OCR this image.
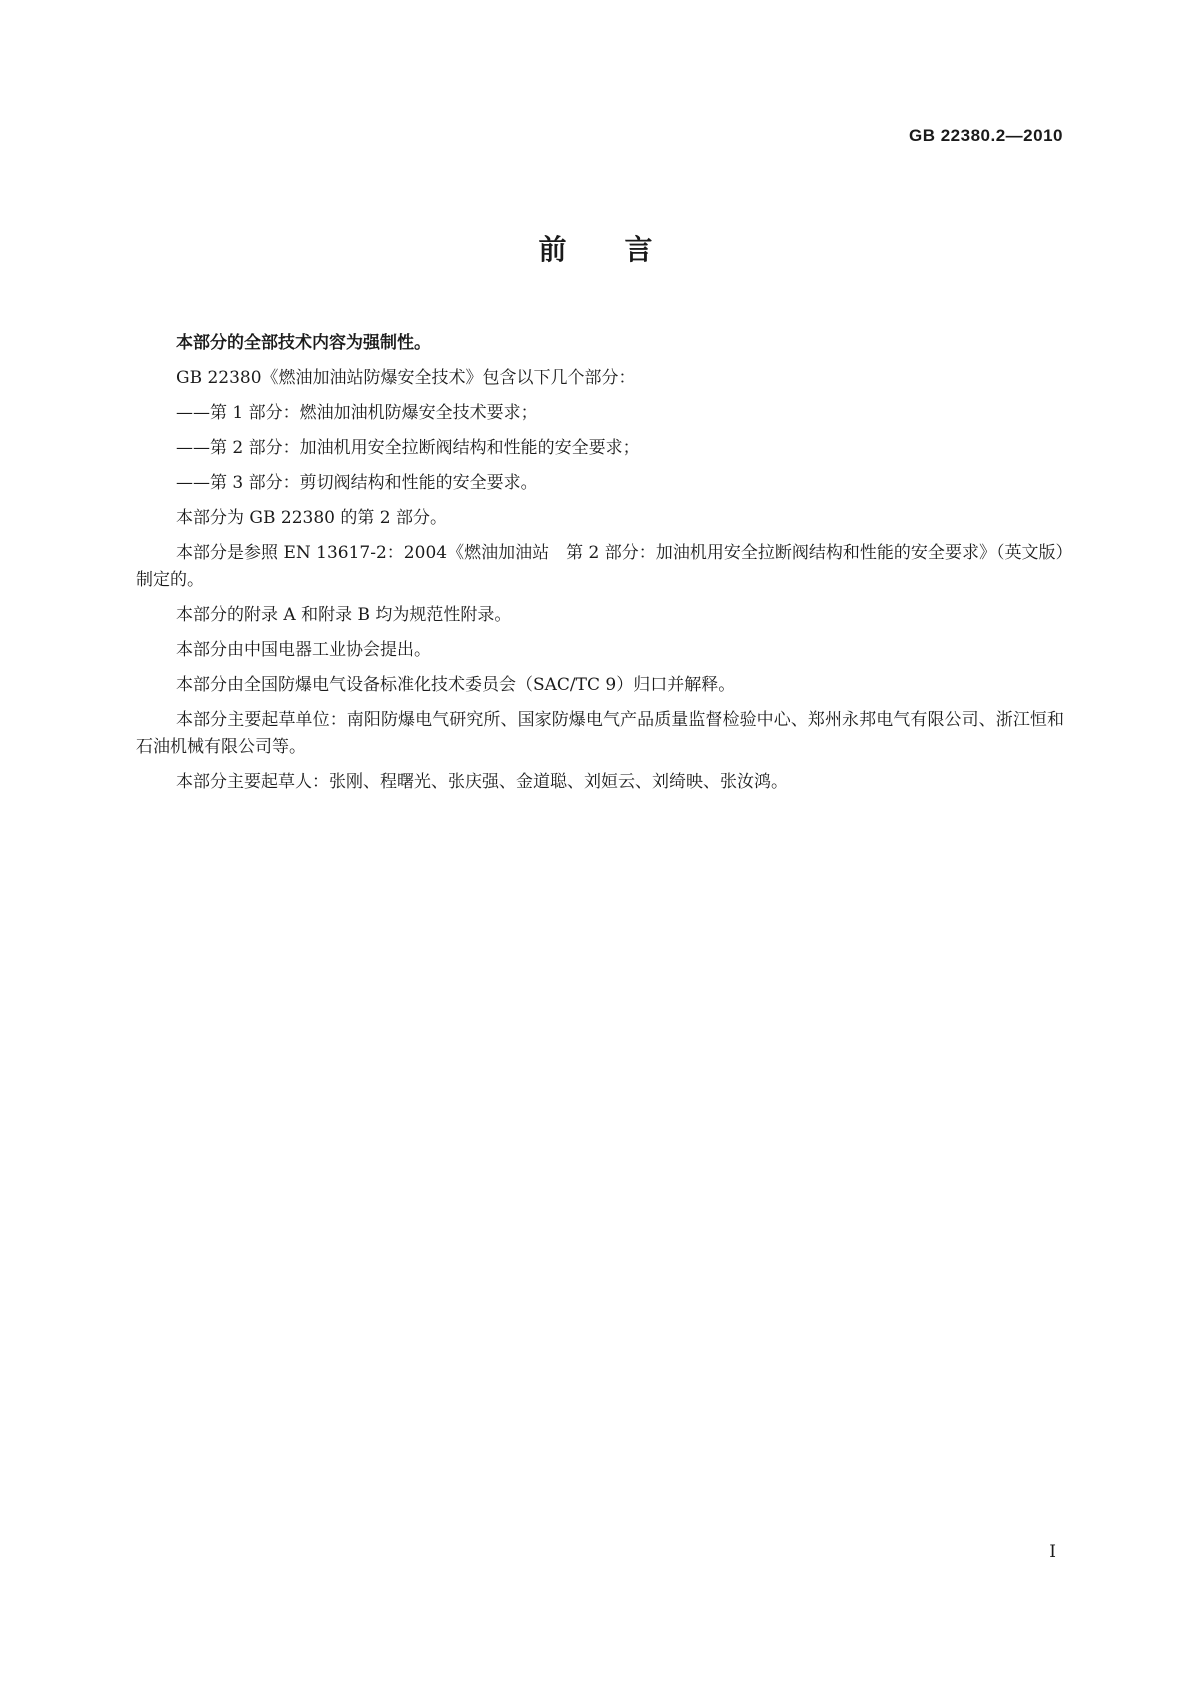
GB 22380.2—2010
前言

本部分的全部技术内容为强制性。

GB 22380《燃油加油站防爆安全技术》包含以下几个部分：

——第 1 部分：燃油加油机防爆安全技术要求；

——第 2 部分：加油机用安全拉断阀结构和性能的安全要求；

——第 3 部分：剪切阀结构和性能的安全要求。

本部分为 GB 22380 的第 2 部分。

本部分是参照 EN 13617-2：2004《燃油加油站　第 2 部分：加油机用安全拉断阀结构和性能的安全要求》（英文版）制定的。

本部分的附录 A 和附录 B 均为规范性附录。

本部分由中国电器工业协会提出。

本部分由全国防爆电气设备标准化技术委员会（SAC/TC 9）归口并解释。

本部分主要起草单位：南阳防爆电气研究所、国家防爆电气产品质量监督检验中心、郑州永邦电气有限公司、浙江恒和石油机械有限公司等。

本部分主要起草人：张刚、程曙光、张庆强、金道聪、刘姮云、刘绮映、张汝鸿。

I
